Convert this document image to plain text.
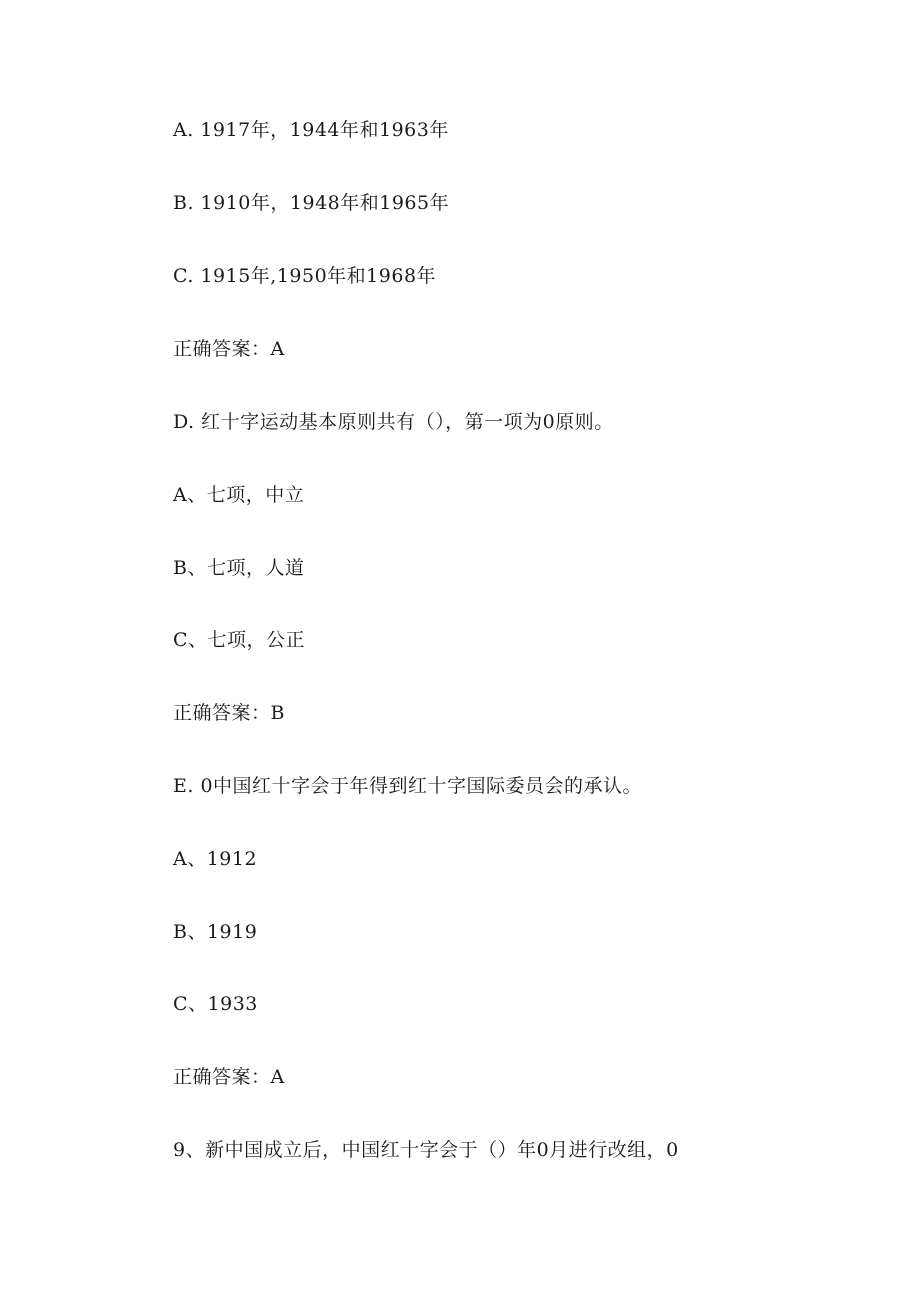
A. 1917年，1944年和1963年
B. 1910年，1948年和1965年
C. 1915年,1950年和1968年
正确答案：A
D. 红十字运动基本原则共有（），第一项为0原则。
A、七项，中立
B、七项，人道
C、七项，公正
正确答案：B
E. 0中国红十字会于年得到红十字国际委员会的承认。
A、1912
B、1919
C、1933
正确答案：A
9、新中国成立后，中国红十字会于（）年0月进行改组，0
